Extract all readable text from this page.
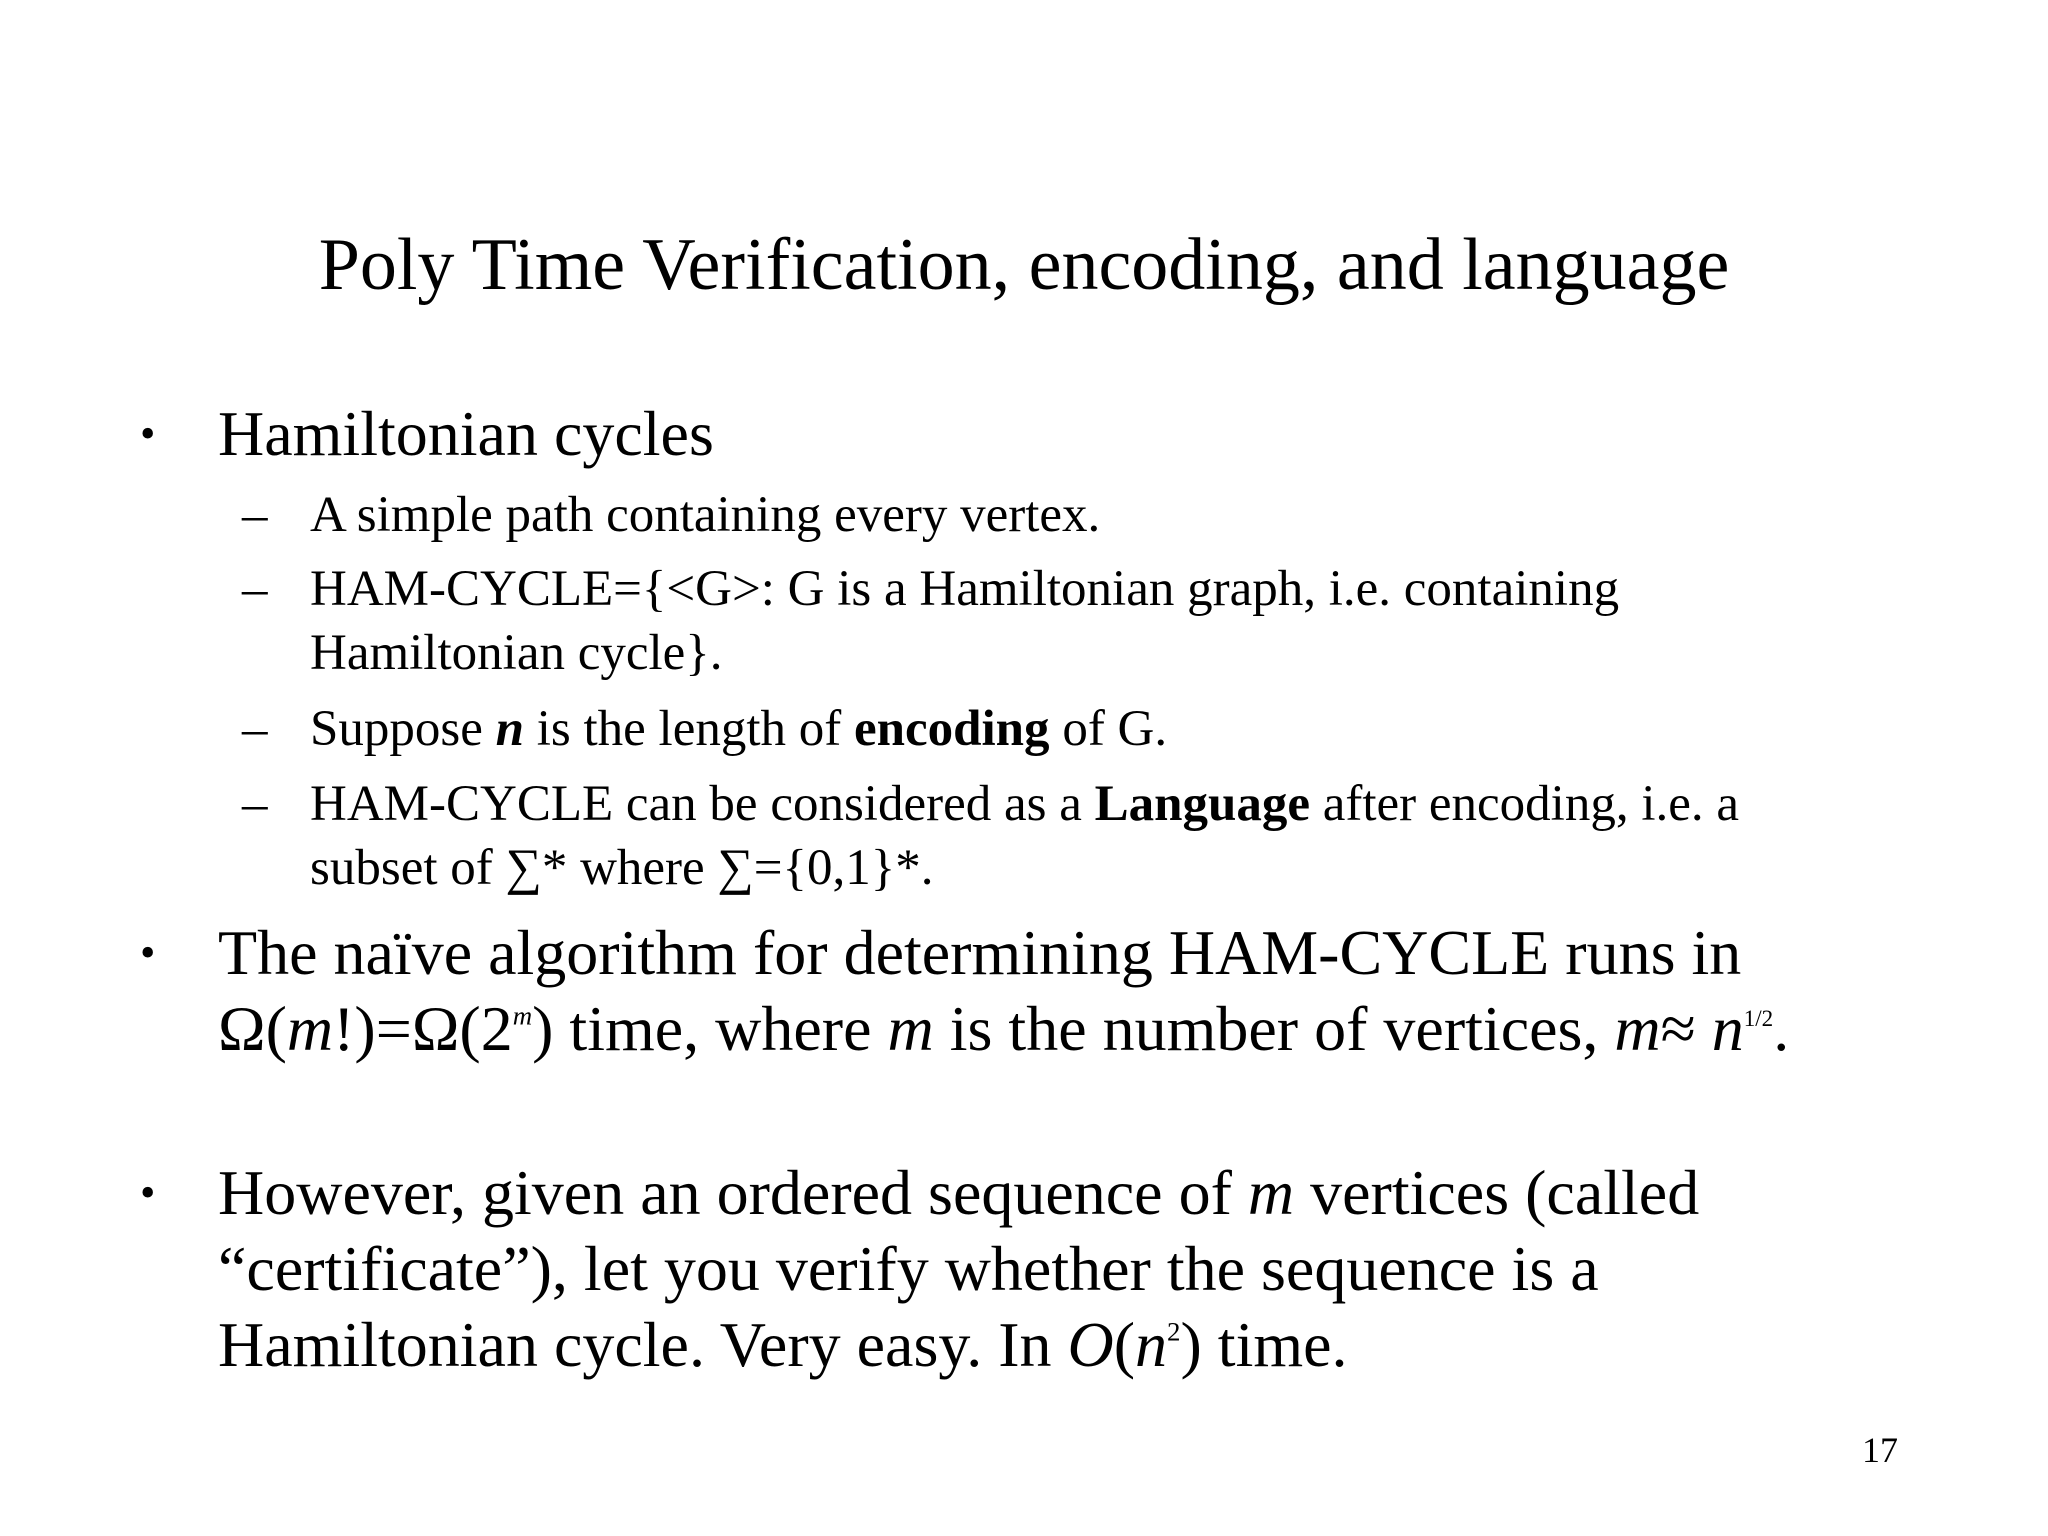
Poly Time Verification, encoding, and language
• Hamiltonian cycles
– A simple path containing every vertex.
– HAM-CYCLE={<G>: G is a Hamiltonian graph, i.e. containing Hamiltonian cycle}.
– Suppose n is the length of encoding of G.
– HAM-CYCLE can be considered as a Language after encoding, i.e. a subset of ∑* where ∑={0,1}*.
• The naïve algorithm for determining HAM-CYCLE runs in $\Omega(m!)=\Omega(2^m)$ time, where m is the number of vertices, $m\approx n^{1/2}$.
• However, given an ordered sequence of m vertices (called “certificate”), let you verify whether the sequence is a Hamiltonian cycle. Very easy. In $O(n^2)$ time.
17
